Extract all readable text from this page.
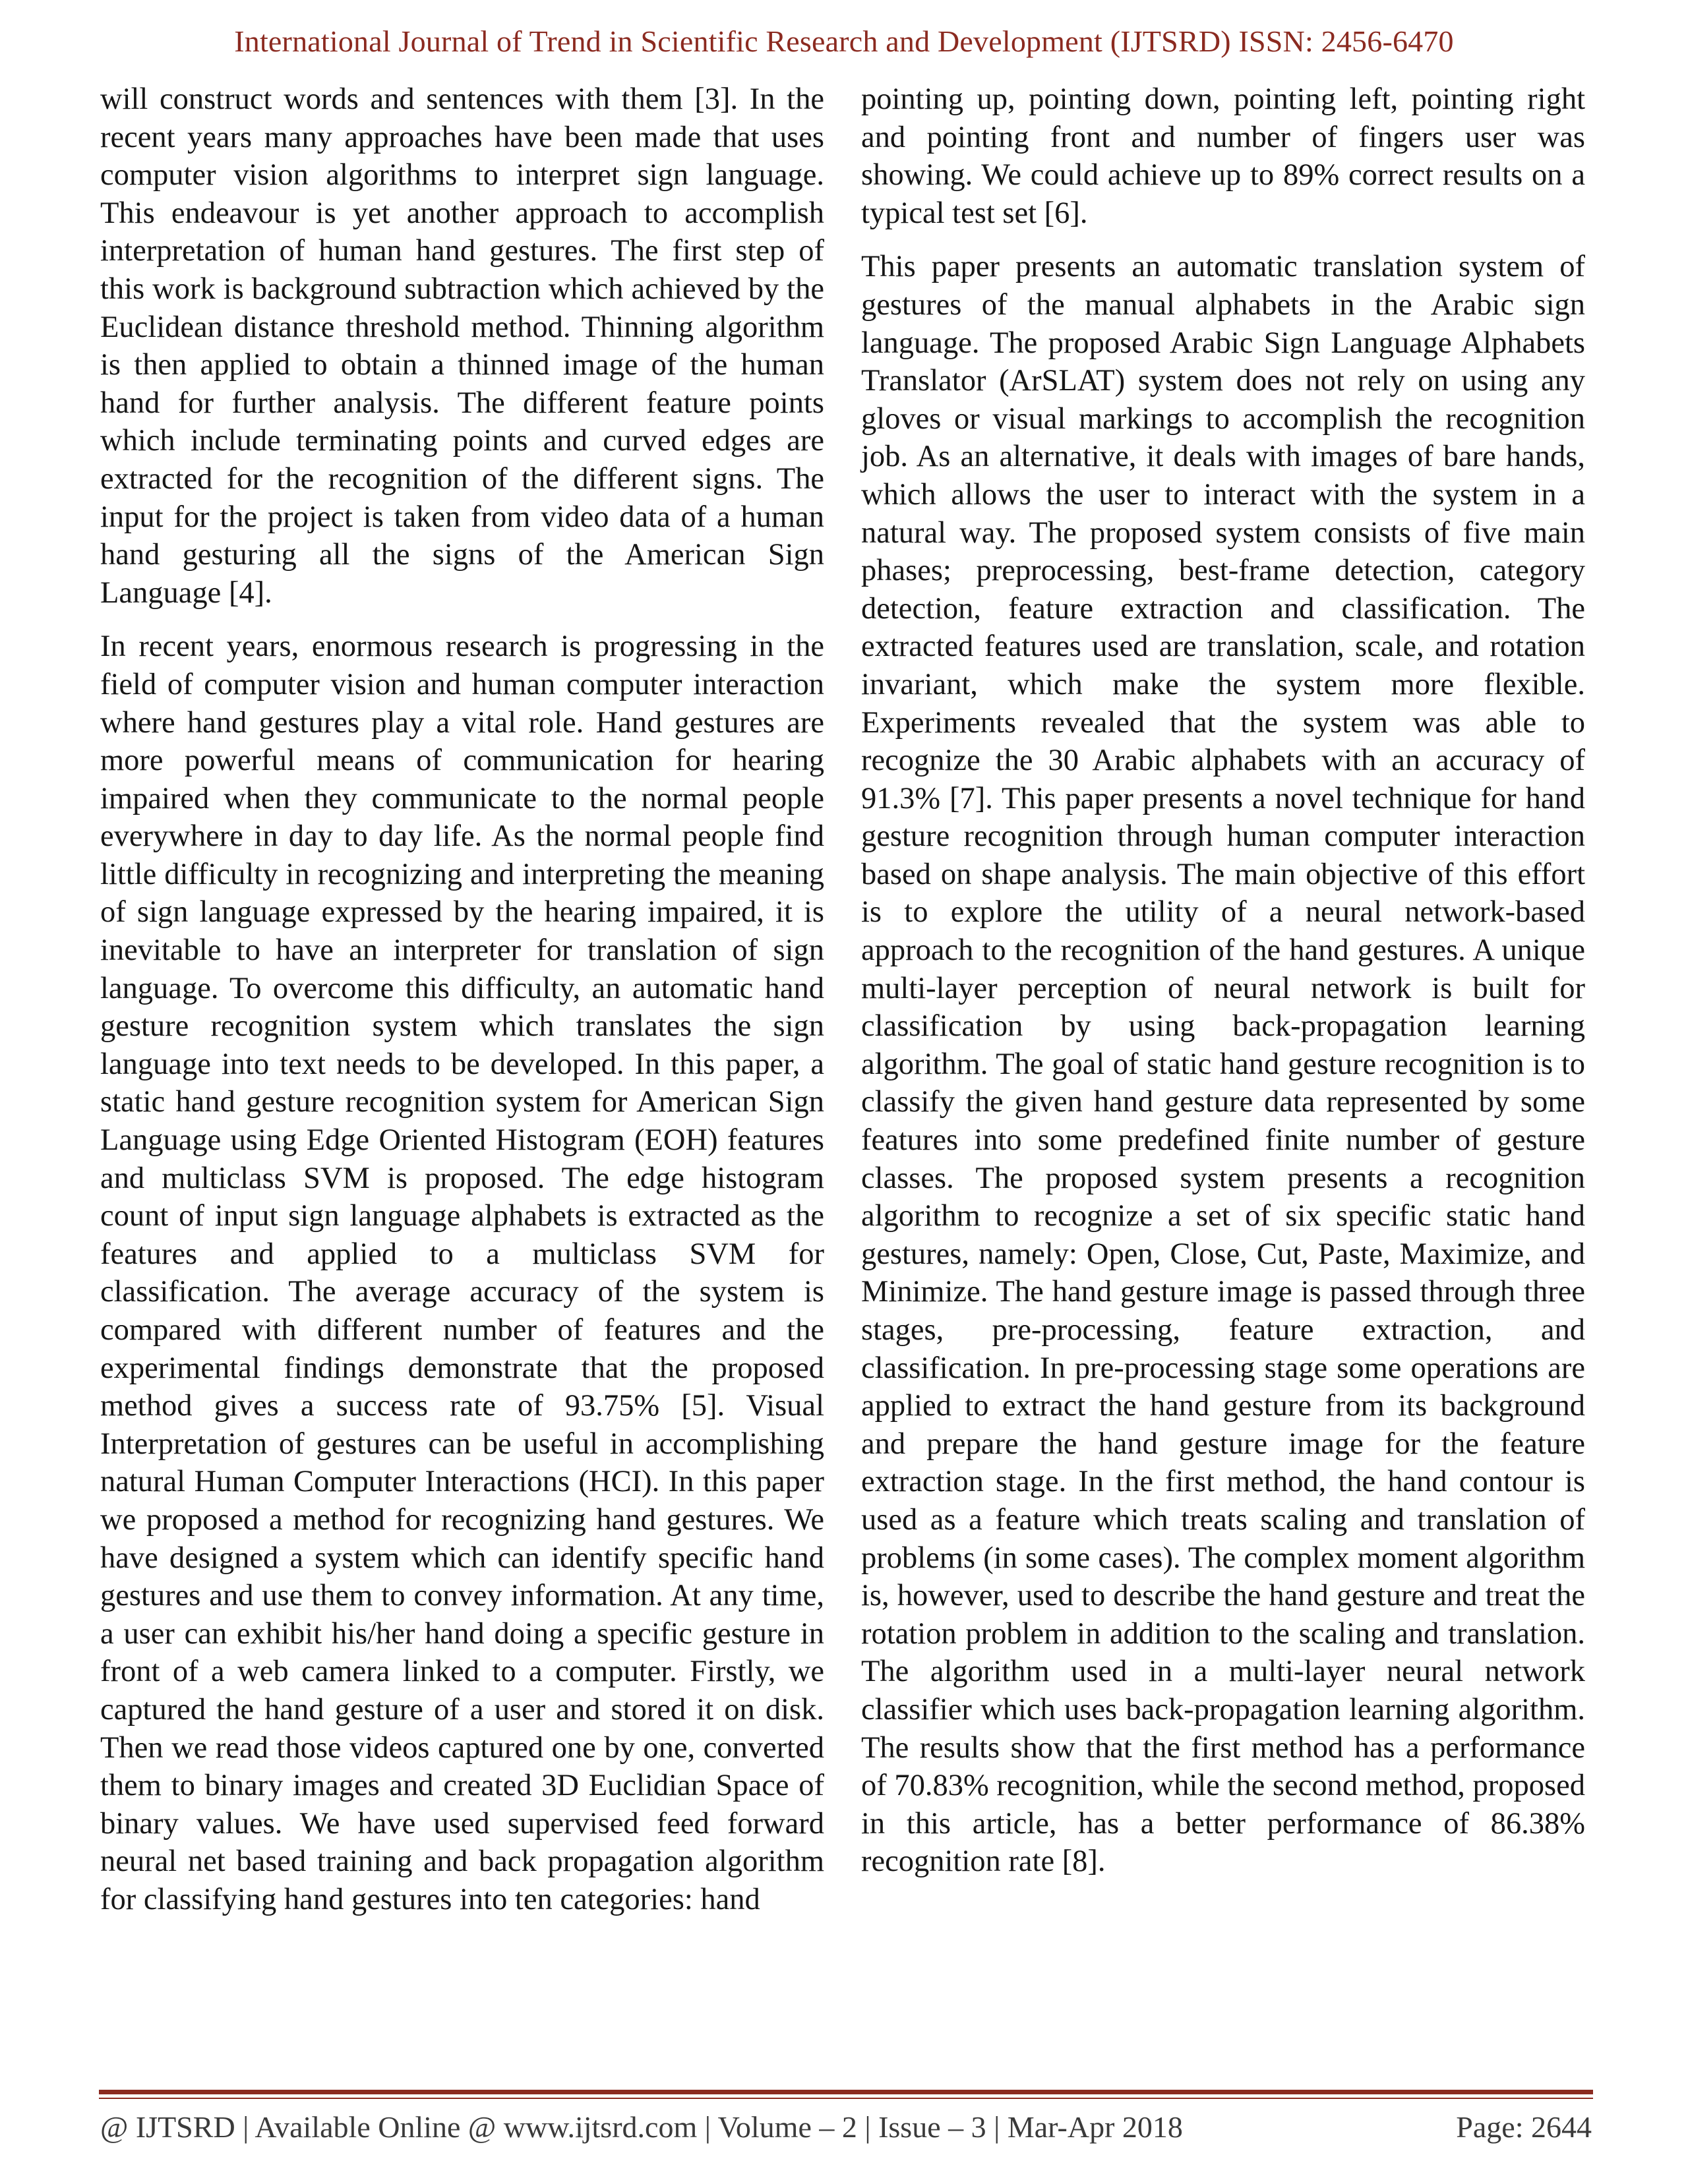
International Journal of Trend in Scientific Research and Development (IJTSRD) ISSN: 2456-6470

will construct words and sentences with them [3]. In the recent years many approaches have been made that uses computer vision algorithms to interpret sign language. This endeavour is yet another approach to accomplish interpretation of human hand gestures. The first step of this work is background subtraction which achieved by the Euclidean distance threshold method. Thinning algorithm is then applied to obtain a thinned image of the human hand for further analysis. The different feature points which include terminating points and curved edges are extracted for the recognition of the different signs. The input for the project is taken from video data of a human hand gesturing all the signs of the American Sign Language [4].

In recent years, enormous research is progressing in the field of computer vision and human computer interaction where hand gestures play a vital role. Hand gestures are more powerful means of communication for hearing impaired when they communicate to the normal people everywhere in day to day life. As the normal people find little difficulty in recognizing and interpreting the meaning of sign language expressed by the hearing impaired, it is inevitable to have an interpreter for translation of sign language. To overcome this difficulty, an automatic hand gesture recognition system which translates the sign language into text needs to be developed. In this paper, a static hand gesture recognition system for American Sign Language using Edge Oriented Histogram (EOH) features and multiclass SVM is proposed. The edge histogram count of input sign language alphabets is extracted as the features and applied to a multiclass SVM for classification. The average accuracy of the system is compared with different number of features and the experimental findings demonstrate that the proposed method gives a success rate of 93.75% [5]. Visual Interpretation of gestures can be useful in accomplishing natural Human Computer Interactions (HCI). In this paper we proposed a method for recognizing hand gestures. We have designed a system which can identify specific hand gestures and use them to convey information. At any time, a user can exhibit his/her hand doing a specific gesture in front of a web camera linked to a computer. Firstly, we captured the hand gesture of a user and stored it on disk. Then we read those videos captured one by one, converted them to binary images and created 3D Euclidian Space of binary values. We have used supervised feed forward neural net based training and back propagation algorithm for classifying hand gestures into ten categories: hand

pointing up, pointing down, pointing left, pointing right and pointing front and number of fingers user was showing. We could achieve up to 89% correct results on a typical test set [6].

This paper presents an automatic translation system of gestures of the manual alphabets in the Arabic sign language. The proposed Arabic Sign Language Alphabets Translator (ArSLAT) system does not rely on using any gloves or visual markings to accomplish the recognition job. As an alternative, it deals with images of bare hands, which allows the user to interact with the system in a natural way. The proposed system consists of five main phases; preprocessing, best-frame detection, category detection, feature extraction and classification. The extracted features used are translation, scale, and rotation invariant, which make the system more flexible. Experiments revealed that the system was able to recognize the 30 Arabic alphabets with an accuracy of 91.3% [7]. This paper presents a novel technique for hand gesture recognition through human computer interaction based on shape analysis. The main objective of this effort is to explore the utility of a neural network-based approach to the recognition of the hand gestures. A unique multi-layer perception of neural network is built for classification by using back-propagation learning algorithm. The goal of static hand gesture recognition is to classify the given hand gesture data represented by some features into some predefined finite number of gesture classes. The proposed system presents a recognition algorithm to recognize a set of six specific static hand gestures, namely: Open, Close, Cut, Paste, Maximize, and Minimize. The hand gesture image is passed through three stages, pre-processing, feature extraction, and classification. In pre-processing stage some operations are applied to extract the hand gesture from its background and prepare the hand gesture image for the feature extraction stage. In the first method, the hand contour is used as a feature which treats scaling and translation of problems (in some cases). The complex moment algorithm is, however, used to describe the hand gesture and treat the rotation problem in addition to the scaling and translation. The algorithm used in a multi-layer neural network classifier which uses back-propagation learning algorithm. The results show that the first method has a performance of 70.83% recognition, while the second method, proposed in this article, has a better performance of 86.38% recognition rate [8].

@ IJTSRD | Available Online @ www.ijtsrd.com | Volume – 2 | Issue – 3 | Mar-Apr 2018	Page: 2644
